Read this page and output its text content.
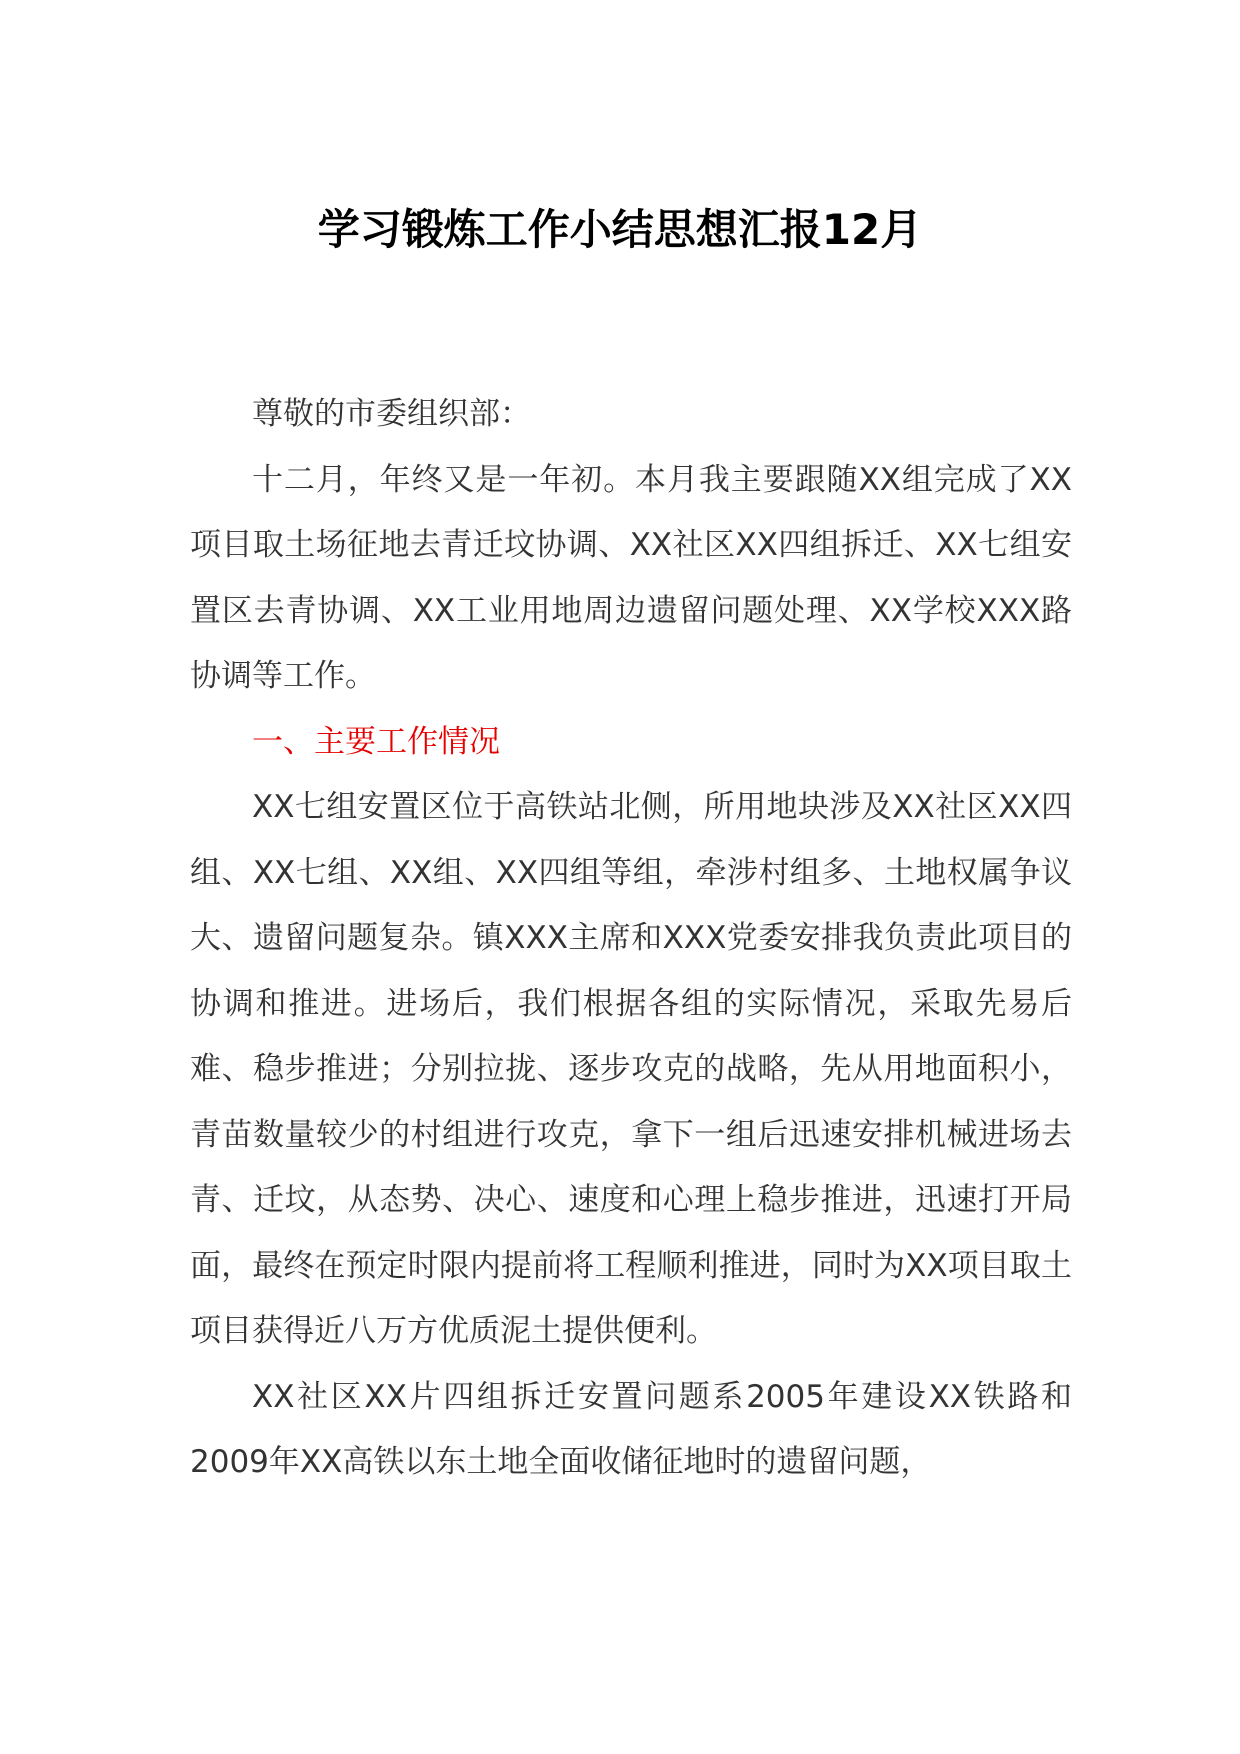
学习锻炼工作小结思想汇报12月

尊敬的市委组织部：

十二月，年终又是一年初。本月我主要跟随XX组完成了XX项目取土场征地去青迁坟协调、XX社区XX四组拆迁、XX七组安置区去青协调、XX工业用地周边遗留问题处理、XX学校XXX路协调等工作。

一、主要工作情况

XX七组安置区位于高铁站北侧，所用地块涉及XX社区XX四组、XX七组、XX组、XX四组等组，牵涉村组多、土地权属争议大、遗留问题复杂。镇XXX主席和XXX党委安排我负责此项目的协调和推进。进场后，我们根据各组的实际情况，采取先易后难、稳步推进；分别拉拢、逐步攻克的战略，先从用地面积小，青苗数量较少的村组进行攻克，拿下一组后迅速安排机械进场去青、迁坟，从态势、决心、速度和心理上稳步推进，迅速打开局面，最终在预定时限内提前将工程顺利推进，同时为XX项目取土项目获得近八万方优质泥土提供便利。

XX社区XX片四组拆迁安置问题系2005年建设XX铁路和2009年XX高铁以东土地全面收储征地时的遗留问题，
